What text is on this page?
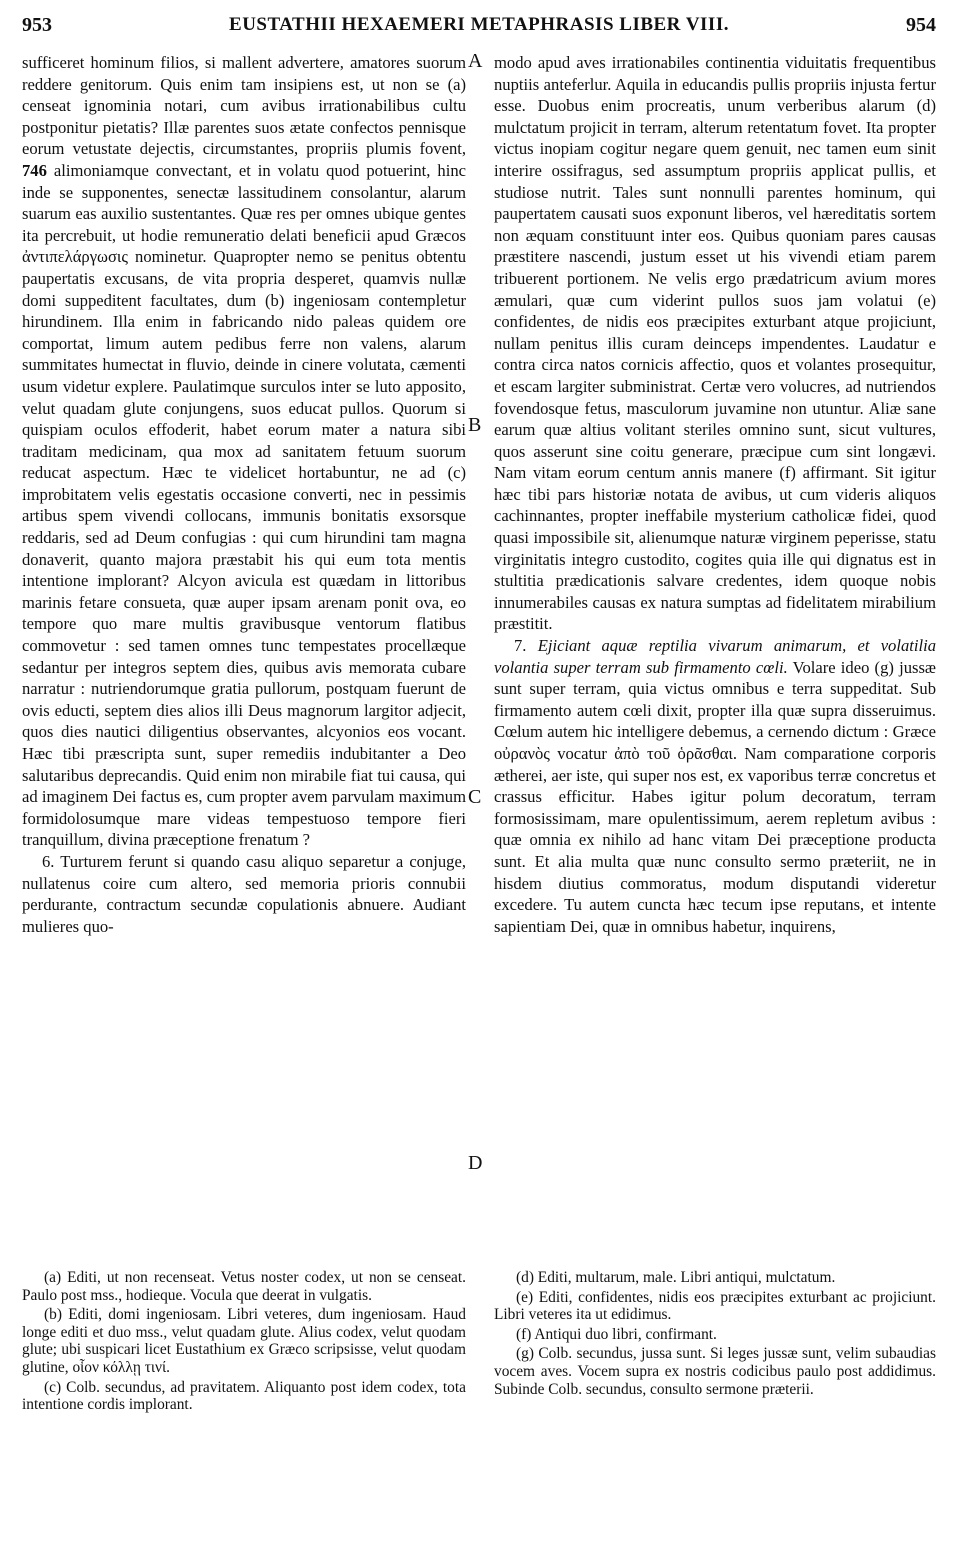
953	EUSTATHII HEXAEMERI METAPHRASIS LIBER VIII.	954

sufficeret hominum filios, si mallent advertere, amatores suorum reddere genitorum. Quis enim tam insipiens est, ut non se (a) censeat ignominia notari, cum avibus irrationabilibus cultu postponitur pietatis? Illæ parentes suos ætate confectos pennisque eorum vetustate dejectis, circumstantes, propriis plumis fovent, 746 alimoniamque convectant, et in volatu quod potuerint, hinc inde se supponentes, senectæ lassitudinem consolantur, alarum suarum eas auxilio sustentantes. Quæ res per omnes ubique gentes ita percrebuit, ut hodie remuneratio delati beneficii apud Græcos ἀντιπελάργωσις nominetur. Quapropter nemo se penitus obtentu paupertatis excusans, de vita propria desperet, quamvis nullæ domi suppeditent facultates, dum (b) ingeniosam contempletur hirundinem. Illa enim in fabricando nido paleas quidem ore comportat, limum autem pedibus ferre non valens, alarum summitates humectat in fluvio, deinde in cinere volutata, cæmenti usum videtur explere. Paulatimque surculos inter se luto apposito, velut quadam glute conjungens, suos educat pullos. Quorum si quispiam oculos effoderit, habet eorum mater a natura sibi traditam medicinam, qua mox ad sanitatem fetuum suorum reducat aspectum. Hæc te videlicet hortabuntur, ne ad (c) improbitatem velis egestatis occasione converti, nec in pessimis artibus spem vivendi collocans, immunis bonitatis exsorsque reddaris, sed ad Deum confugias : qui cum hirundini tam magna donaverit, quanto majora præstabit his qui eum tota mentis intentione implorant? Alcyon avicula est quædam in littoribus marinis fetare consueta, quæ auper ipsam arenam ponit ova, eo tempore quo mare multis gravibusque ventorum flatibus commovetur : sed tamen omnes tunc tempestates procellæque sedantur per integros septem dies, quibus avis memorata cubare narratur : nutriendorumque gratia pullorum, postquam fuerunt de ovis educti, septem dies alios illi Deus magnorum largitor adjecit, quos dies nautici diligentius observantes, alcyonios eos vocant. Hæc tibi præscripta sunt, super remediis indubitanter a Deo salutaribus deprecandis. Quid enim non mirabile fiat tui causa, qui ad imaginem Dei factus es, cum propter avem parvulam maximum formidolosumque mare videas tempestuoso tempore fieri tranquillum, divina præceptione frenatum ?

6. Turturem ferunt si quando casu aliquo separetur a conjuge, nullatenus coire cum altero, sed memoria prioris connubii perdurante, contractum secundæ copulationis abnuere. Audiant mulieres quo-

A
B
C
D

modo apud aves irrationabiles continentia viduitatis frequentibus nuptiis anteferlur. Aquila in educandis pullis propriis injusta fertur esse. Duobus enim procreatis, unum verberibus alarum (d) mulctatum projicit in terram, alterum retentatum fovet. Ita propter victus inopiam cogitur negare quem genuit, nec tamen eum sinit interire ossifragus, sed assumptum propriis applicat pullis, et studiose nutrit. Tales sunt nonnulli parentes hominum, qui paupertatem causati suos exponunt liberos, vel hæreditatis sortem non æquam constituunt inter eos. Quibus quoniam pares causas præstitere nascendi, justum esset ut his vivendi etiam parem tribuerent portionem. Ne velis ergo prædatricum avium mores æmulari, quæ cum viderint pullos suos jam volatui (e) confidentes, de nidis eos præcipites exturbant atque projiciunt, nullam penitus illis curam deinceps impendentes. Laudatur e contra circa natos cornicis affectio, quos et volantes prosequitur, et escam largiter subministrat. Certæ vero volucres, ad nutriendos fovendosque fetus, masculorum juvamine non utuntur. Aliæ sane earum quæ altius volitant steriles omnino sunt, sicut vultures, quos asserunt sine coitu generare, præcipue cum sint longævi. Nam vitam eorum centum annis manere (f) affirmant. Sit igitur hæc tibi pars historiæ notata de avibus, ut cum videris aliquos cachinnantes, propter ineffabile mysterium catholicæ fidei, quod quasi impossibile sit, alienumque naturæ virginem peperisse, statu virginitatis integro custodito, cogites quia ille qui dignatus est in stultitia prædicationis salvare credentes, idem quoque nobis innumerabiles causas ex natura sumptas ad fidelitatem mirabilium præstitit.

7. Ejiciant aquæ reptilia vivarum animarum, et volatilia volantia super terram sub firmamento cœli. Volare ideo (g) jussæ sunt super terram, quia victus omnibus e terra suppeditat. Sub firmamento autem cœli dixit, propter illa quæ supra disseruimus. Cœlum autem hic intelligere debemus, a cernendo dictum : Græce οὐρανὸς vocatur ἀπὸ τοῦ ὁρᾶσθαι. Nam comparatione corporis ætherei, aer iste, qui super nos est, ex vaporibus terræ concretus et crassus efficitur. Habes igitur polum decoratum, terram formosissimam, mare opulentissimum, aerem repletum avibus : quæ omnia ex nihilo ad hanc vitam Dei præceptione producta sunt. Et alia multa quæ nunc consulto sermo præteriit, ne in hisdem diutius commoratus, modum disputandi videretur excedere. Tu autem cuncta hæc tecum ipse reputans, et intente sapientiam Dei, quæ in omnibus habetur, inquirens,

(a) Editi, ut non recenseat. Vetus noster codex, ut non se censeat. Paulo post mss., hodieque. Vocula que deerat in vulgatis.

(b) Editi, domi ingeniosam. Libri veteres, dum ingeniosam. Haud longe editi et duo mss., velut quadam glute. Alius codex, velut quodam glute; ubi suspicari licet Eustathium ex Græco scripsisse, velut quodam glutine, οἷον κόλλῃ τινί.

(c) Colb. secundus, ad pravitatem. Aliquanto post idem codex, tota intentione cordis implorant.

(d) Editi, multarum, male. Libri antiqui, mulctatum.

(e) Editi, confidentes, nidis eos præcipites exturbant ac projiciunt. Libri veteres ita ut edidimus.

(f) Antiqui duo libri, confirmant.

(g) Colb. secundus, jussa sunt. Si leges jussæ sunt, velim subaudias vocem aves. Vocem supra ex nostris codicibus paulo post addidimus. Subinde Colb. secundus, consulto sermone præterii.
